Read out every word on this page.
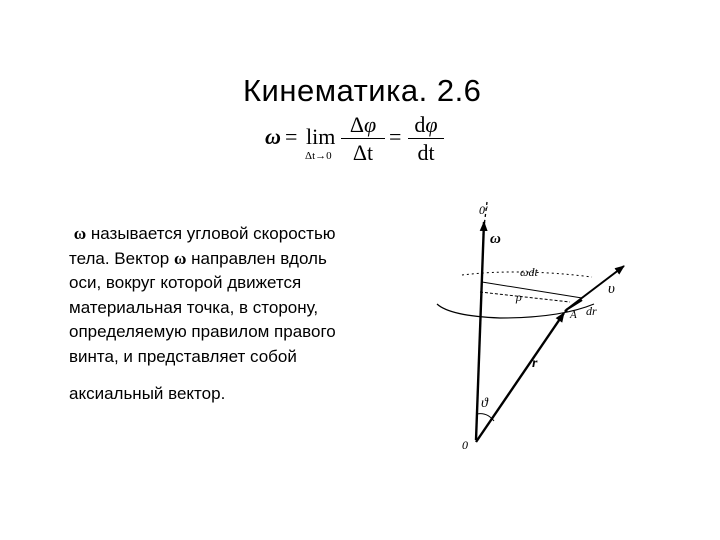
Кинематика. 2.6
ω = lim
$\Delta t\to 0 \frac{\Delta\varphi}{\Delta t} = \frac{d\varphi}{dt}$
ω называется угловой скоростью
тела. Вектор ω направлен вдоль
оси, вокруг которой движется
материальная точка, в сторону,
определяемую правилом правого
винта, и представляет собой
аксиальный вектор.
0'
ω
ωdt
ρ
A dr
υ
r
ϑ
0
